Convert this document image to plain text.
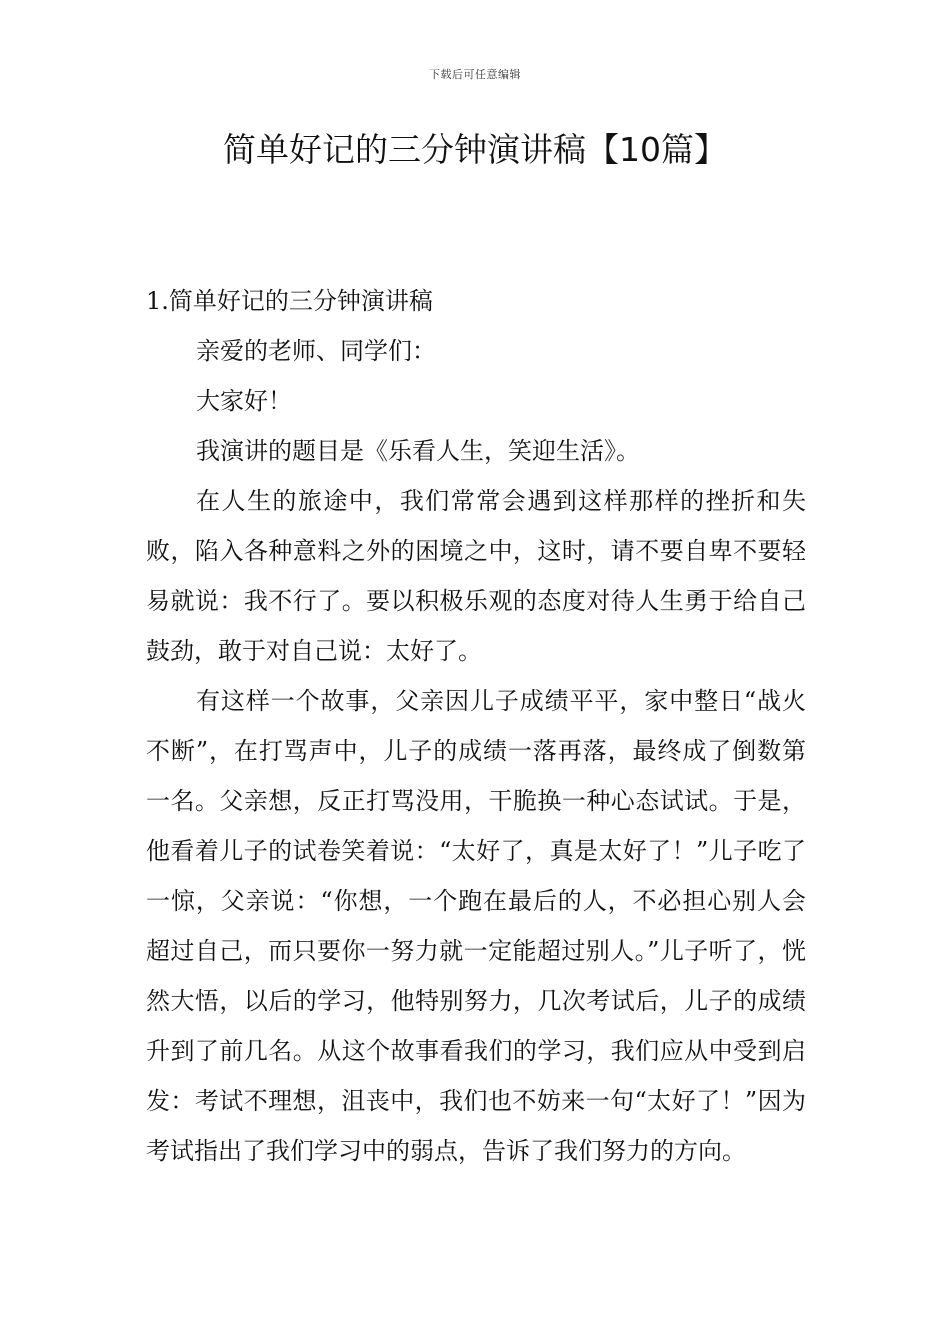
下载后可任意编辑
简单好记的三分钟演讲稿【10篇】
1.简单好记的三分钟演讲稿

亲爱的老师、同学们：

大家好！

我演讲的题目是《乐看人生，笑迎生活》。

在人生的旅途中，我们常常会遇到这样那样的挫折和失败，陷入各种意料之外的困境之中，这时，请不要自卑不要轻易就说：我不行了。要以积极乐观的态度对待人生勇于给自己鼓劲，敢于对自己说：太好了。

有这样一个故事，父亲因儿子成绩平平，家中整日“战火不断”，在打骂声中，儿子的成绩一落再落，最终成了倒数第一名。父亲想，反正打骂没用，干脆换一种心态试试。于是，他看着儿子的试卷笑着说：“太好了，真是太好了！”儿子吃了一惊，父亲说：“你想，一个跑在最后的人，不必担心别人会超过自己，而只要你一努力就一定能超过别人。”儿子听了，恍然大悟，以后的学习，他特别努力，几次考试后，儿子的成绩升到了前几名。从这个故事看我们的学习，我们应从中受到启发：考试不理想，沮丧中，我们也不妨来一句“太好了！”因为考试指出了我们学习中的弱点，告诉了我们努力的方向。
